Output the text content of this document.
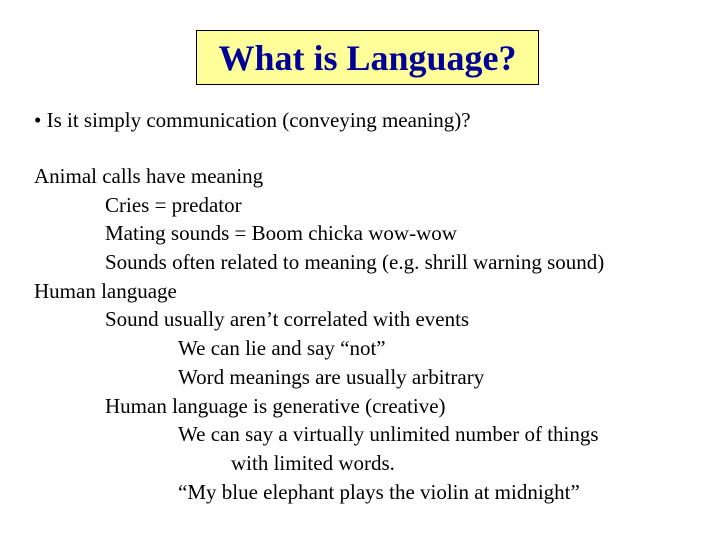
What is Language?
• Is it simply communication (conveying meaning)?
Animal calls have meaning
Cries = predator
Mating sounds = Boom chicka wow-wow
Sounds often related to meaning (e.g. shrill warning sound)
Human language
Sound usually aren’t correlated with events
We can lie and say “not”
Word meanings are usually arbitrary
Human language is generative (creative)
We can say a virtually unlimited number of things
with limited words.
“My blue elephant plays the violin at midnight”
